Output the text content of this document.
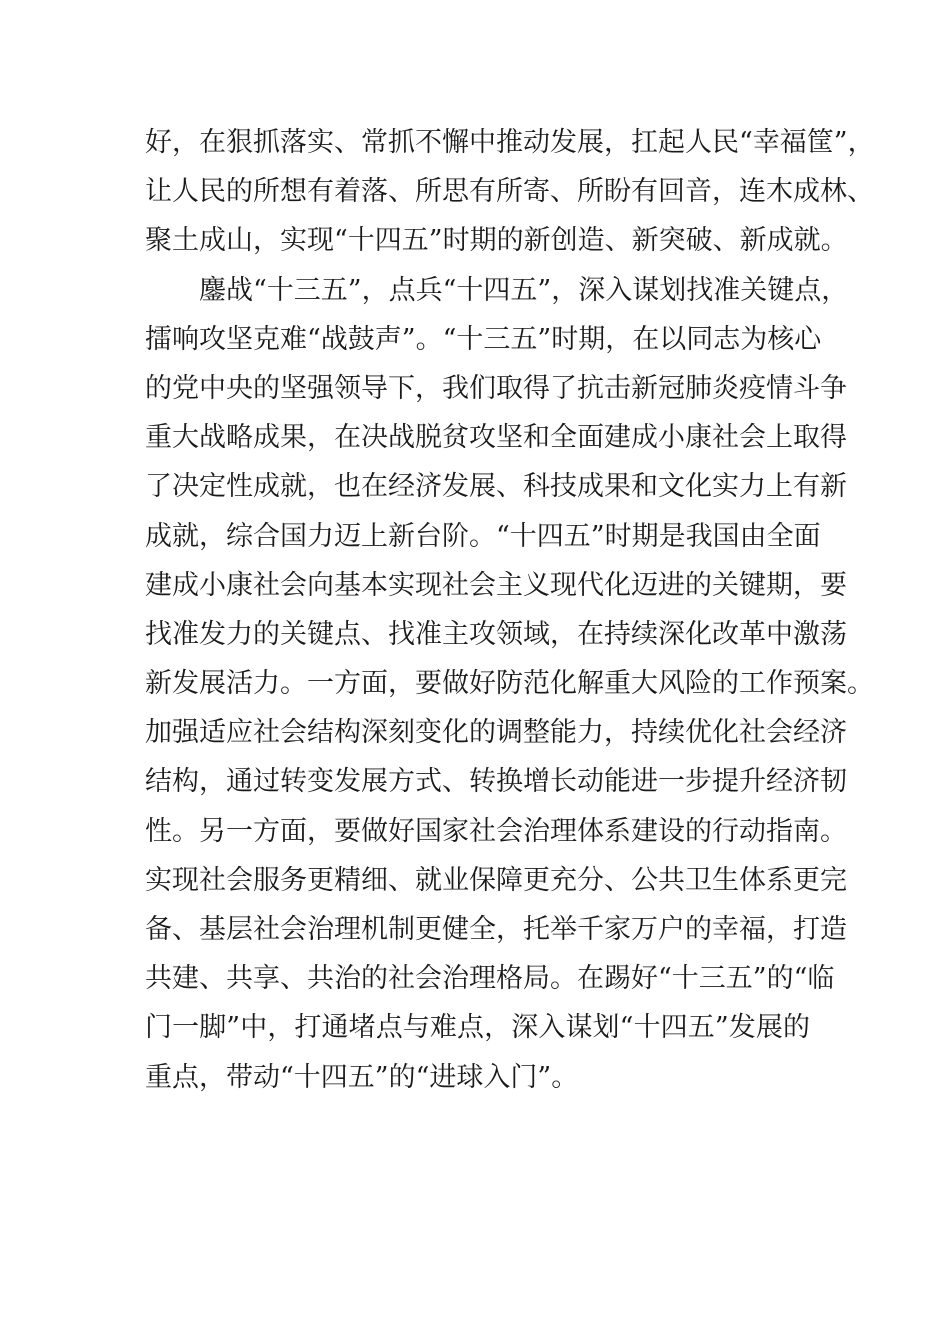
好，在狠抓落实、常抓不懈中推动发展，扛起人民“幸福筐”，
让人民的所想有着落、所思有所寄、所盼有回音，连木成林、
聚土成山，实现“十四五”时期的新创造、新突破、新成就。
鏖战“十三五”，点兵“十四五”，深入谋划找准关键点，
擂响攻坚克难“战鼓声”。“十三五”时期，在以同志为核心
的党中央的坚强领导下，我们取得了抗击新冠肺炎疫情斗争
重大战略成果，在决战脱贫攻坚和全面建成小康社会上取得
了决定性成就，也在经济发展、科技成果和文化实力上有新
成就，综合国力迈上新台阶。“十四五”时期是我国由全面
建成小康社会向基本实现社会主义现代化迈进的关键期，要
找准发力的关键点、找准主攻领域，在持续深化改革中激荡
新发展活力。一方面，要做好防范化解重大风险的工作预案。
加强适应社会结构深刻变化的调整能力，持续优化社会经济
结构，通过转变发展方式、转换增长动能进一步提升经济韧
性。另一方面，要做好国家社会治理体系建设的行动指南。
实现社会服务更精细、就业保障更充分、公共卫生体系更完
备、基层社会治理机制更健全，托举千家万户的幸福，打造
共建、共享、共治的社会治理格局。在踢好“十三五”的“临
门一脚”中，打通堵点与难点，深入谋划“十四五”发展的
重点，带动“十四五”的“进球入门”。
